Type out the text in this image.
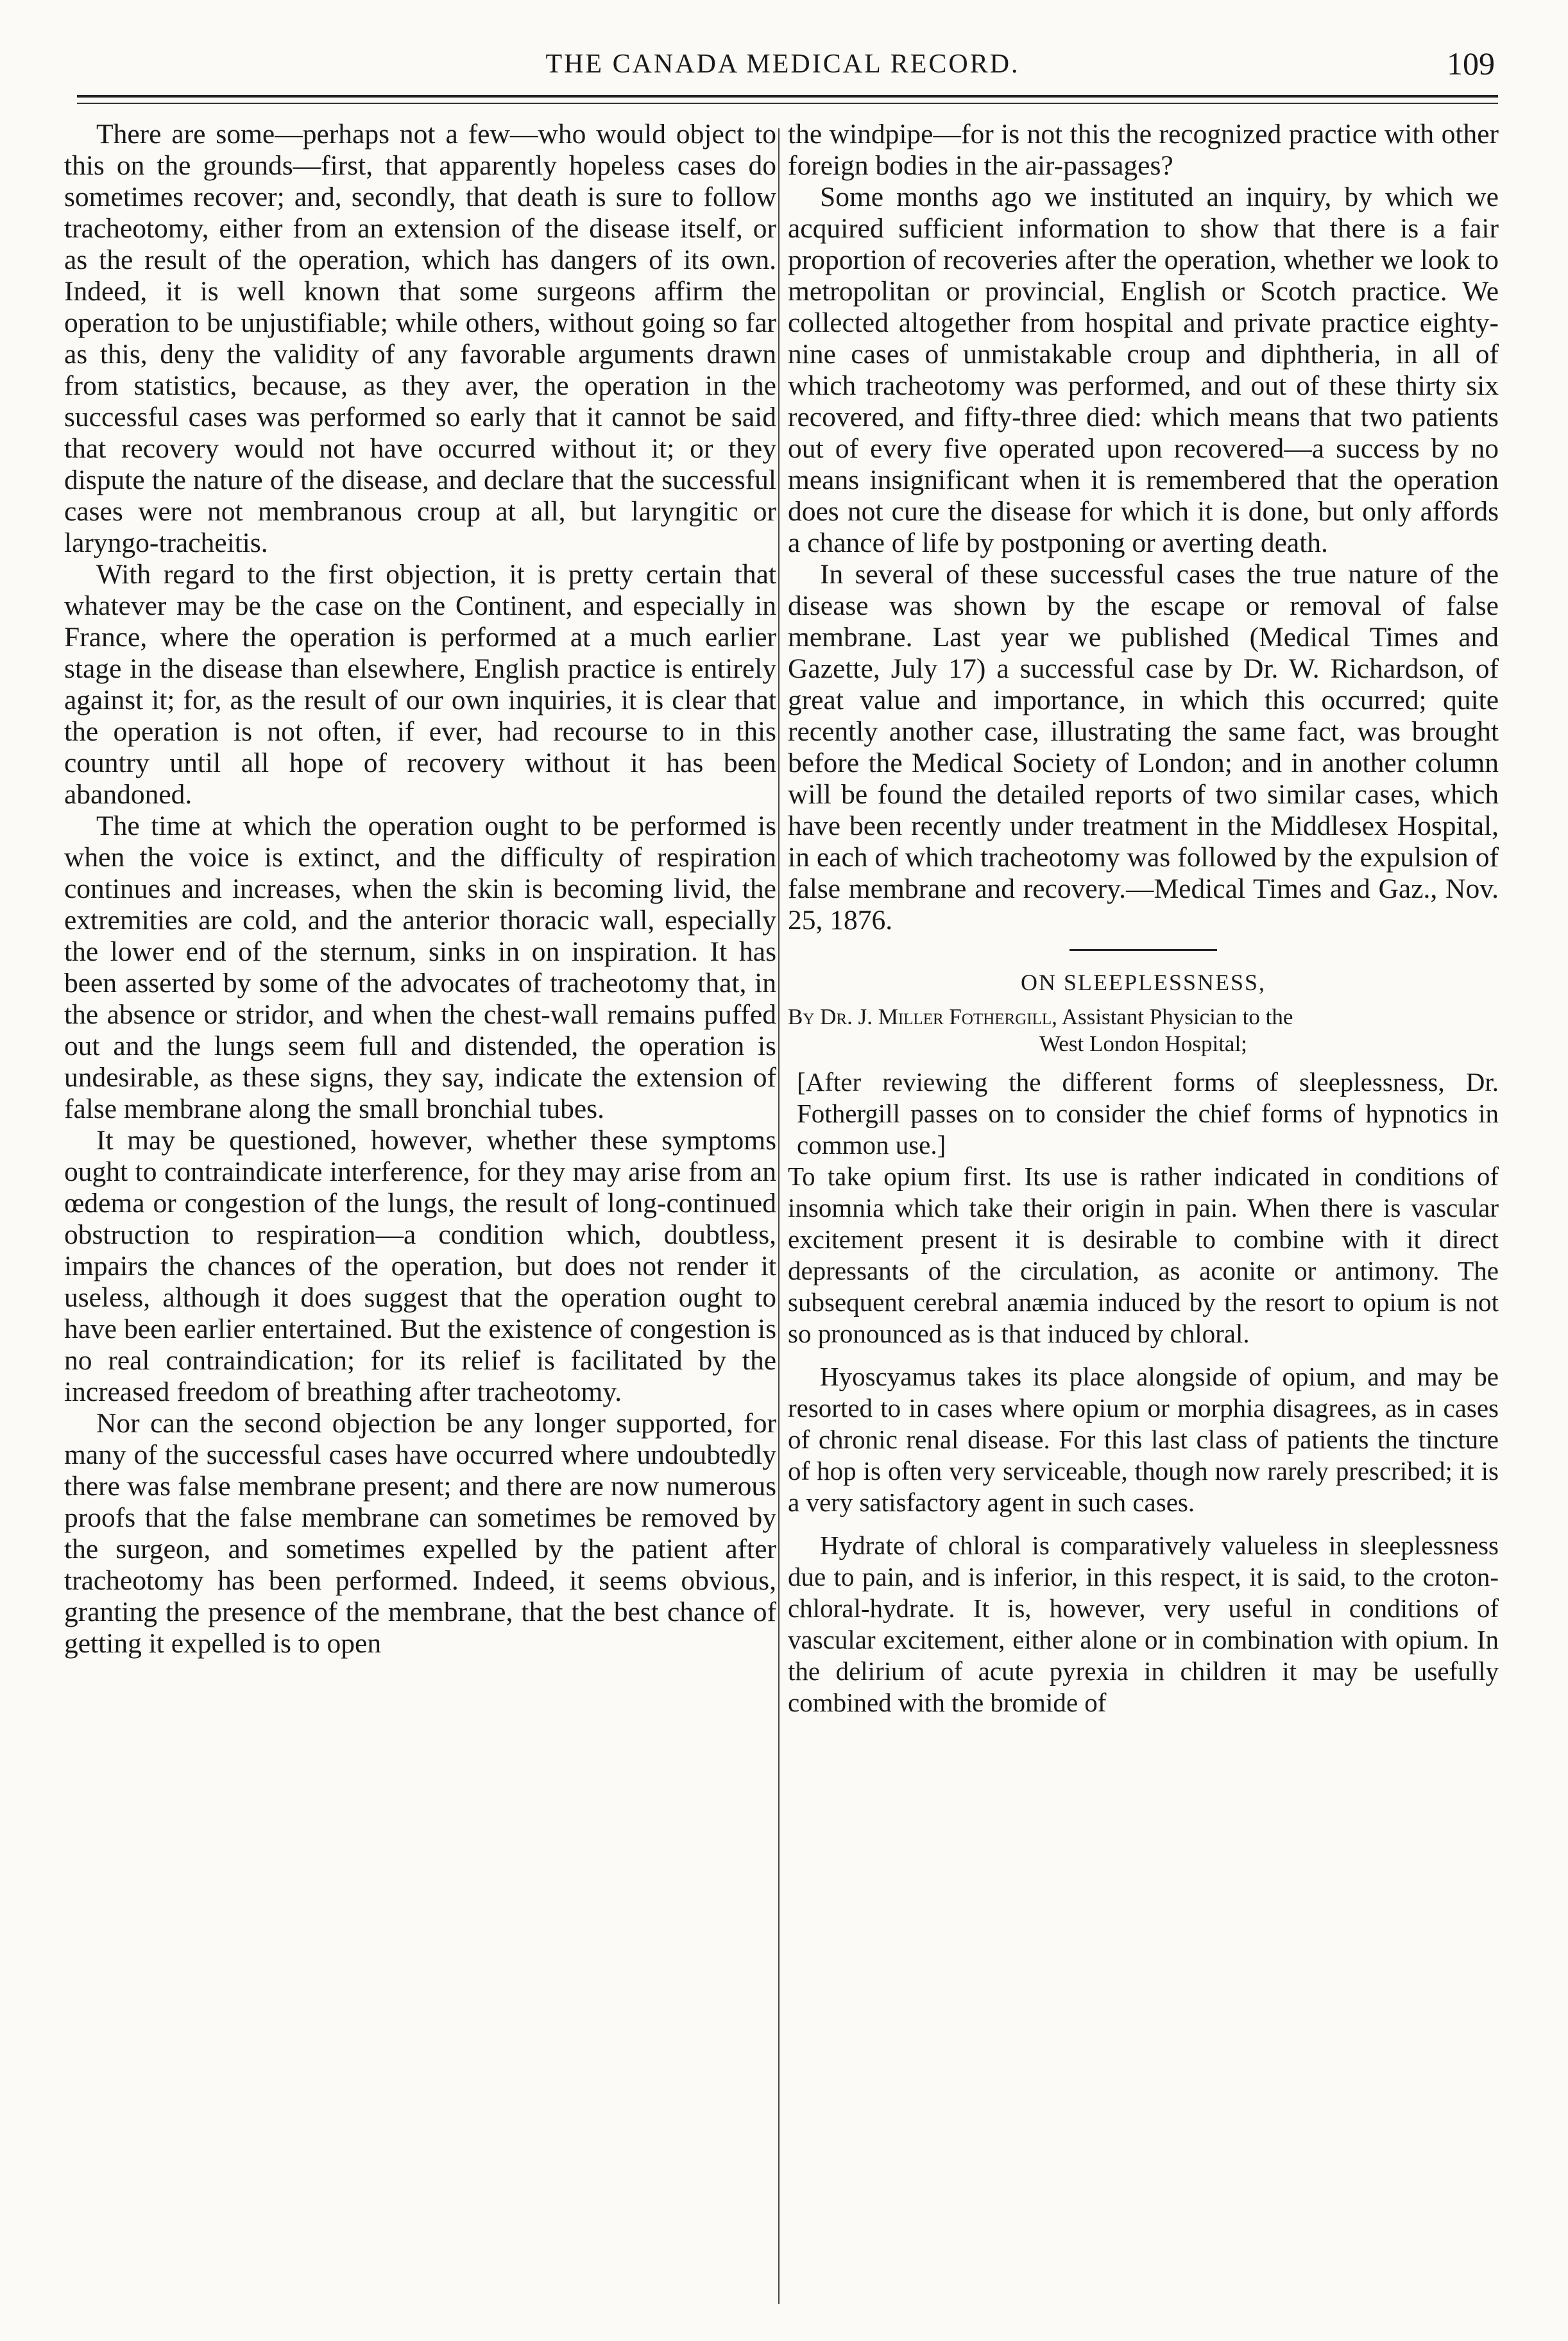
THE CANADA MEDICAL RECORD.	109

There are some—perhaps not a few—who would object to this on the grounds—first, that apparently hopeless cases do sometimes recover; and, secondly, that death is sure to follow tracheotomy, either from an extension of the disease itself, or as the result of the operation, which has dangers of its own. Indeed, it is well known that some surgeons affirm the operation to be unjustifiable; while others, without going so far as this, deny the validity of any favorable arguments drawn from statistics, because, as they aver, the operation in the successful cases was performed so early that it cannot be said that recovery would not have occurred without it; or they dispute the nature of the disease, and declare that the successful cases were not membranous croup at all, but laryngitic or laryngo-tracheitis.

With regard to the first objection, it is pretty certain that whatever may be the case on the Continent, and especially in France, where the operation is performed at a much earlier stage in the disease than elsewhere, English practice is entirely against it; for, as the result of our own inquiries, it is clear that the operation is not often, if ever, had recourse to in this country until all hope of recovery without it has been abandoned.

The time at which the operation ought to be performed is when the voice is extinct, and the difficulty of respiration continues and increases, when the skin is becoming livid, the extremities are cold, and the anterior thoracic wall, especially the lower end of the sternum, sinks in on inspiration. It has been asserted by some of the advocates of tracheotomy that, in the absence or stridor, and when the chest-wall remains puffed out and the lungs seem full and distended, the operation is undesirable, as these signs, they say, indicate the extension of false membrane along the small bronchial tubes.

It may be questioned, however, whether these symptoms ought to contraindicate interference, for they may arise from an œdema or congestion of the lungs, the result of long-continued obstruction to respiration—a condition which, doubtless, impairs the chances of the operation, but does not render it useless, although it does suggest that the operation ought to have been earlier entertained. But the existence of congestion is no real contraindication; for its relief is facilitated by the increased freedom of breathing after tracheotomy.

Nor can the second objection be any longer supported, for many of the successful cases have occurred where undoubtedly there was false membrane present; and there are now numerous proofs that the false membrane can sometimes be removed by the surgeon, and sometimes expelled by the patient after tracheotomy has been performed. Indeed, it seems obvious, granting the presence of the membrane, that the best chance of getting it expelled is to open

the windpipe—for is not this the recognized practice with other foreign bodies in the air-passages?

Some months ago we instituted an inquiry, by which we acquired sufficient information to show that there is a fair proportion of recoveries after the operation, whether we look to metropolitan or provincial, English or Scotch practice. We collected altogether from hospital and private practice eighty-nine cases of unmistakable croup and diphtheria, in all of which tracheotomy was performed, and out of these thirty six recovered, and fifty-three died: which means that two patients out of every five operated upon recovered—a success by no means insignificant when it is remembered that the operation does not cure the disease for which it is done, but only affords a chance of life by postponing or averting death.

In several of these successful cases the true nature of the disease was shown by the escape or removal of false membrane. Last year we published (Medical Times and Gazette, July 17) a successful case by Dr. W. Richardson, of great value and importance, in which this occurred; quite recently another case, illustrating the same fact, was brought before the Medical Society of London; and in another column will be found the detailed reports of two similar cases, which have been recently under treatment in the Middlesex Hospital, in each of which tracheotomy was followed by the expulsion of false membrane and recovery.—Medical Times and Gaz., Nov. 25, 1876.

ON SLEEPLESSNESS,
By Dr. J. Miller Fothergill, Assistant Physician to the
West London Hospital;

[After reviewing the different forms of sleeplessness, Dr. Fothergill passes on to consider the chief forms of hypnotics in common use.]

To take opium first. Its use is rather indicated in conditions of insomnia which take their origin in pain. When there is vascular excitement present it is desirable to combine with it direct depressants of the circulation, as aconite or antimony. The subsequent cerebral anæmia induced by the resort to opium is not so pronounced as is that induced by chloral.

Hyoscyamus takes its place alongside of opium, and may be resorted to in cases where opium or morphia disagrees, as in cases of chronic renal disease. For this last class of patients the tincture of hop is often very serviceable, though now rarely prescribed; it is a very satisfactory agent in such cases.

Hydrate of chloral is comparatively valueless in sleeplessness due to pain, and is inferior, in this respect, it is said, to the croton-chloral-hydrate. It is, however, very useful in conditions of vascular excitement, either alone or in combination with opium. In the delirium of acute pyrexia in children it may be usefully combined with the bromide of
